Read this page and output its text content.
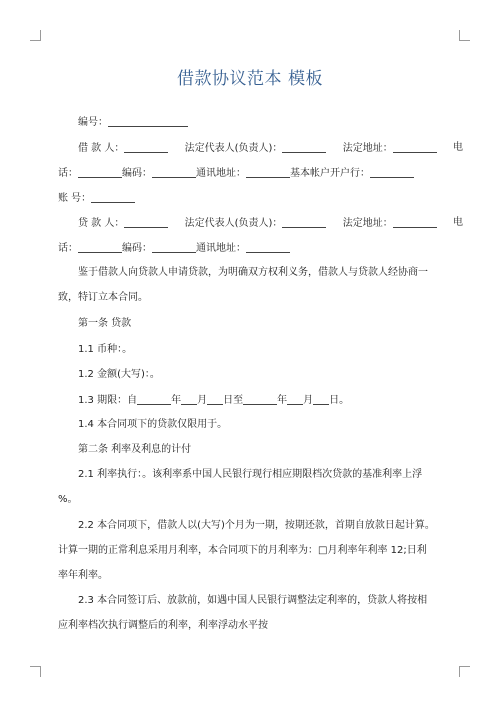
借款协议范本 模板
编号：
借 款 人：	法定代表人(负责人)：	法定地址：	电
话：	编码：	通讯地址：	基本帐户开户行：
账 号：
贷 款 人：	法定代表人(负责人)：	法定地址：	电
话：	编码：	通讯地址：
鉴于借款人向贷款人申请贷款，为明确双方权利义务，借款人与贷款人经协商一
致，特订立本合同。
第一条 贷款
1.1 币种：。
1.2 金额(大写)：。
1.3 期限：自	年 月 日至	年 月 日。
1.4 本合同项下的贷款仅限用于。
第二条 利率及利息的计付
2.1 利率执行：。该利率系中国人民银行现行相应期限档次贷款的基准利率上浮
%。
2.2 本合同项下，借款人以(大写)个月为一期，按期还款，首期自放款日起计算。
计算一期的正常利息采用月利率，本合同项下的月利率为：□月利率年利率 12;日利
率年利率。
2.3 本合同签订后、放款前，如遇中国人民银行调整法定利率的，贷款人将按相
应利率档次执行调整后的利率，利率浮动水平按
